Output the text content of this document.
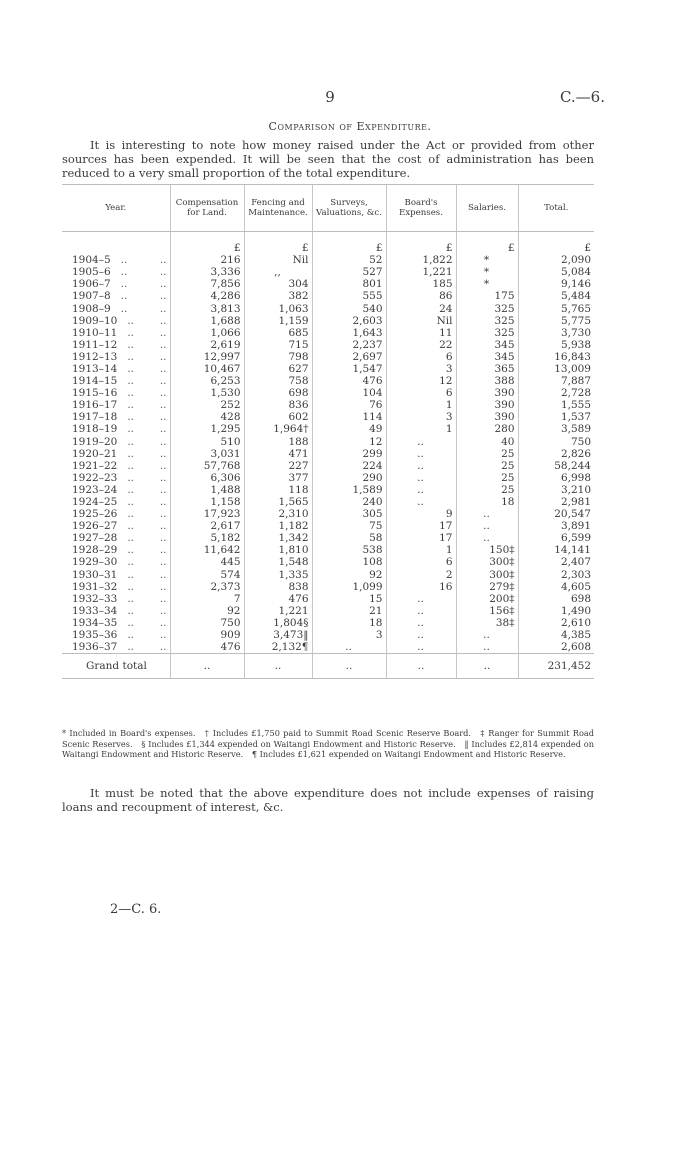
9	C.—6.
Comparison of Expenditure.
It is interesting to note how money raised under the Act or provided from other sources has been expended. It will be seen that the cost of administration has been reduced to a very small proportion of the total expenditure.
Year.	Compensation for Land.	Fencing and Maintenance.	Surveys, Valuations, &c.	Board's Expenses.	Salaries.	Total.
	£	£	£	£	£	£
1904–5 .. ..	216	Nil	52	1,822	*	2,090
1905–6 .. ..	3,336	,,	527	1,221	*	5,084
1906–7 .. ..	7,856	304	801	185	*	9,146
1907–8 .. ..	4,286	382	555	86	175	5,484
1908–9 .. ..	3,813	1,063	540	24	325	5,765
1909–10 .. ..	1,688	1,159	2,603	Nil	325	5,775
1910–11 .. ..	1,066	685	1,643	11	325	3,730
1911–12 .. ..	2,619	715	2,237	22	345	5,938
1912–13 .. ..	12,997	798	2,697	6	345	16,843
1913–14 .. ..	10,467	627	1,547	3	365	13,009
1914–15 .. ..	6,253	758	476	12	388	7,887
1915–16 .. ..	1,530	698	104	6	390	2,728
1916–17 .. ..	252	836	76	1	390	1,555
1917–18 .. ..	428	602	114	3	390	1,537
1918–19 .. ..	1,295	1,964†	49	1	280	3,589
1919–20 .. ..	510	188	12	..	40	750
1920–21 .. ..	3,031	471	299	..	25	2,826
1921–22 .. ..	57,768	227	224	..	25	58,244
1922–23 .. ..	6,306	377	290	..	25	6,998
1923–24 .. ..	1,488	118	1,589	..	25	3,210
1924–25 .. ..	1,158	1,565	240	..	18	2,981
1925–26 .. ..	17,923	2,310	305	9	..	20,547
1926–27 .. ..	2,617	1,182	75	17	..	3,891
1927–28 .. ..	5,182	1,342	58	17	..	6,599
1928–29 .. ..	11,642	1,810	538	1	150‡	14,141
1929–30 .. ..	445	1,548	108	6	300‡	2,407
1930–31 .. ..	574	1,335	92	2	300‡	2,303
1931–32 .. ..	2,373	838	1,099	16	279‡	4,605
1932–33 .. ..	7	476	15	..	200‡	698
1933–34 .. ..	92	1,221	21	..	156‡	1,490
1934–35 .. ..	750	1,804§	18	..	38‡	2,610
1935–36 .. ..	909	3,473‖	3	..	..	4,385
1936–37 .. ..	476	2,132¶	..	..	..	2,608
Grand total	..	..	..	..	..	231,452
* Included in Board's expenses. † Includes £1,750 paid to Summit Road Scenic Reserve Board. ‡ Ranger for Summit Road Scenic Reserves. § Includes £1,344 expended on Waitangi Endowment and Historic Reserve. ‖ Includes £2,814 expended on Waitangi Endowment and Historic Reserve. ¶ Includes £1,621 expended on Waitangi Endowment and Historic Reserve.
It must be noted that the above expenditure does not include expenses of raising loans and recoupment of interest, &c.
2—C. 6.
